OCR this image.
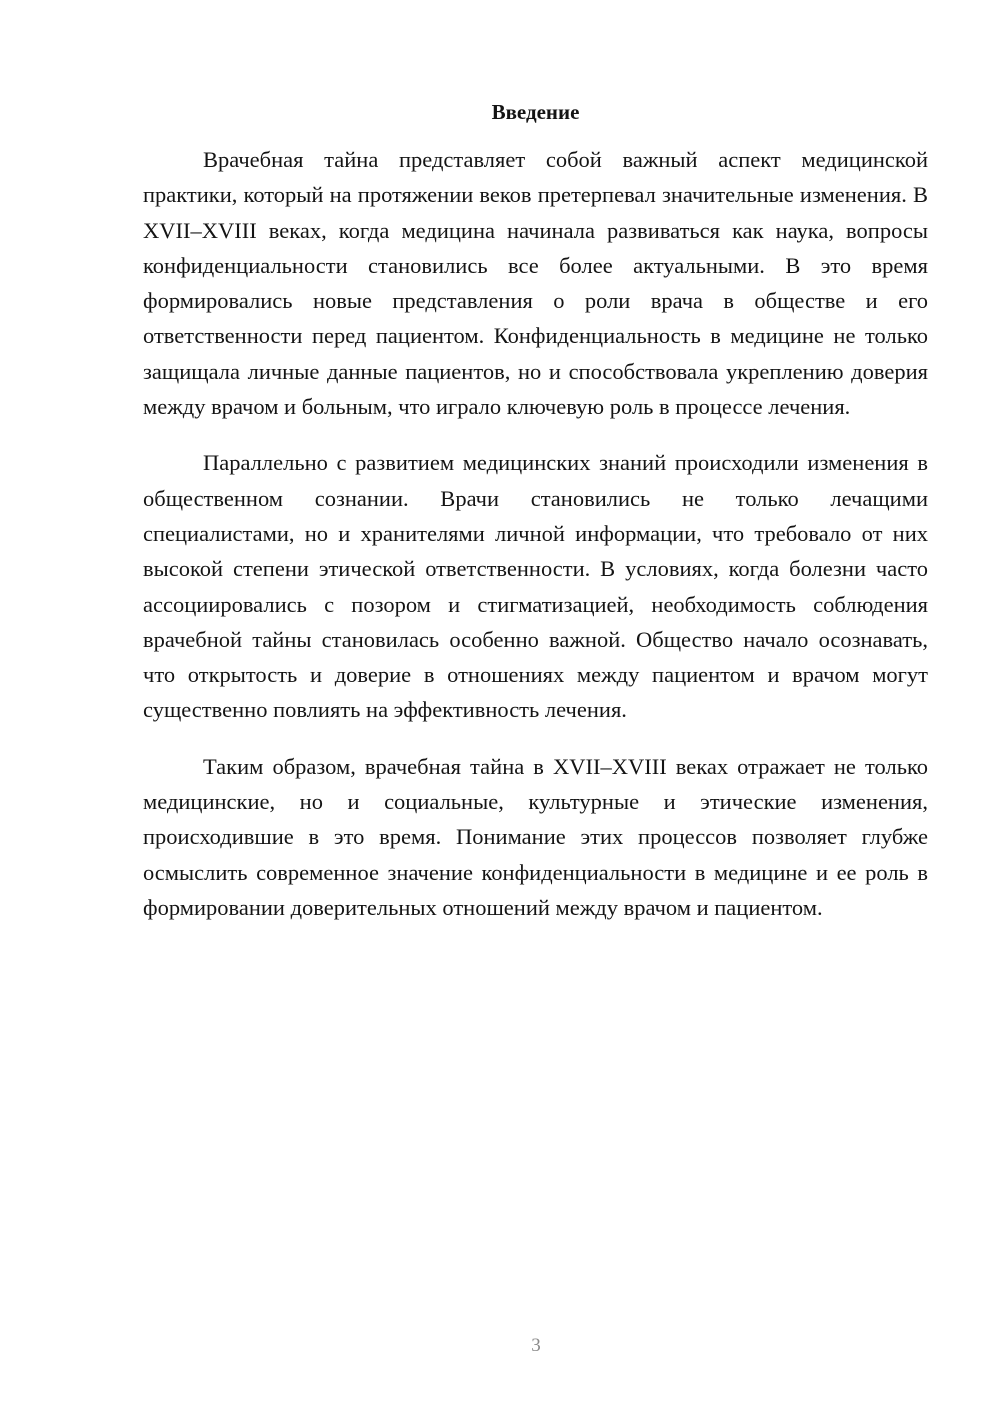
Введение

Врачебная тайна представляет собой важный аспект медицинской практики, который на протяжении веков претерпевал значительные изменения. В XVII–XVIII веках, когда медицина начинала развиваться как наука, вопросы конфиденциальности становились все более актуальными. В это время формировались новые представления о роли врача в обществе и его ответственности перед пациентом. Конфиденциальность в медицине не только защищала личные данные пациентов, но и способствовала укреплению доверия между врачом и больным, что играло ключевую роль в процессе лечения.

Параллельно с развитием медицинских знаний происходили изменения в общественном сознании. Врачи становились не только лечащими специалистами, но и хранителями личной информации, что требовало от них высокой степени этической ответственности. В условиях, когда болезни часто ассоциировались с позором и стигматизацией, необходимость соблюдения врачебной тайны становилась особенно важной. Общество начало осознавать, что открытость и доверие в отношениях между пациентом и врачом могут существенно повлиять на эффективность лечения.

Таким образом, врачебная тайна в XVII–XVIII веках отражает не только медицинские, но и социальные, культурные и этические изменения, происходившие в это время. Понимание этих процессов позволяет глубже осмыслить современное значение конфиденциальности в медицине и ее роль в формировании доверительных отношений между врачом и пациентом.

3
